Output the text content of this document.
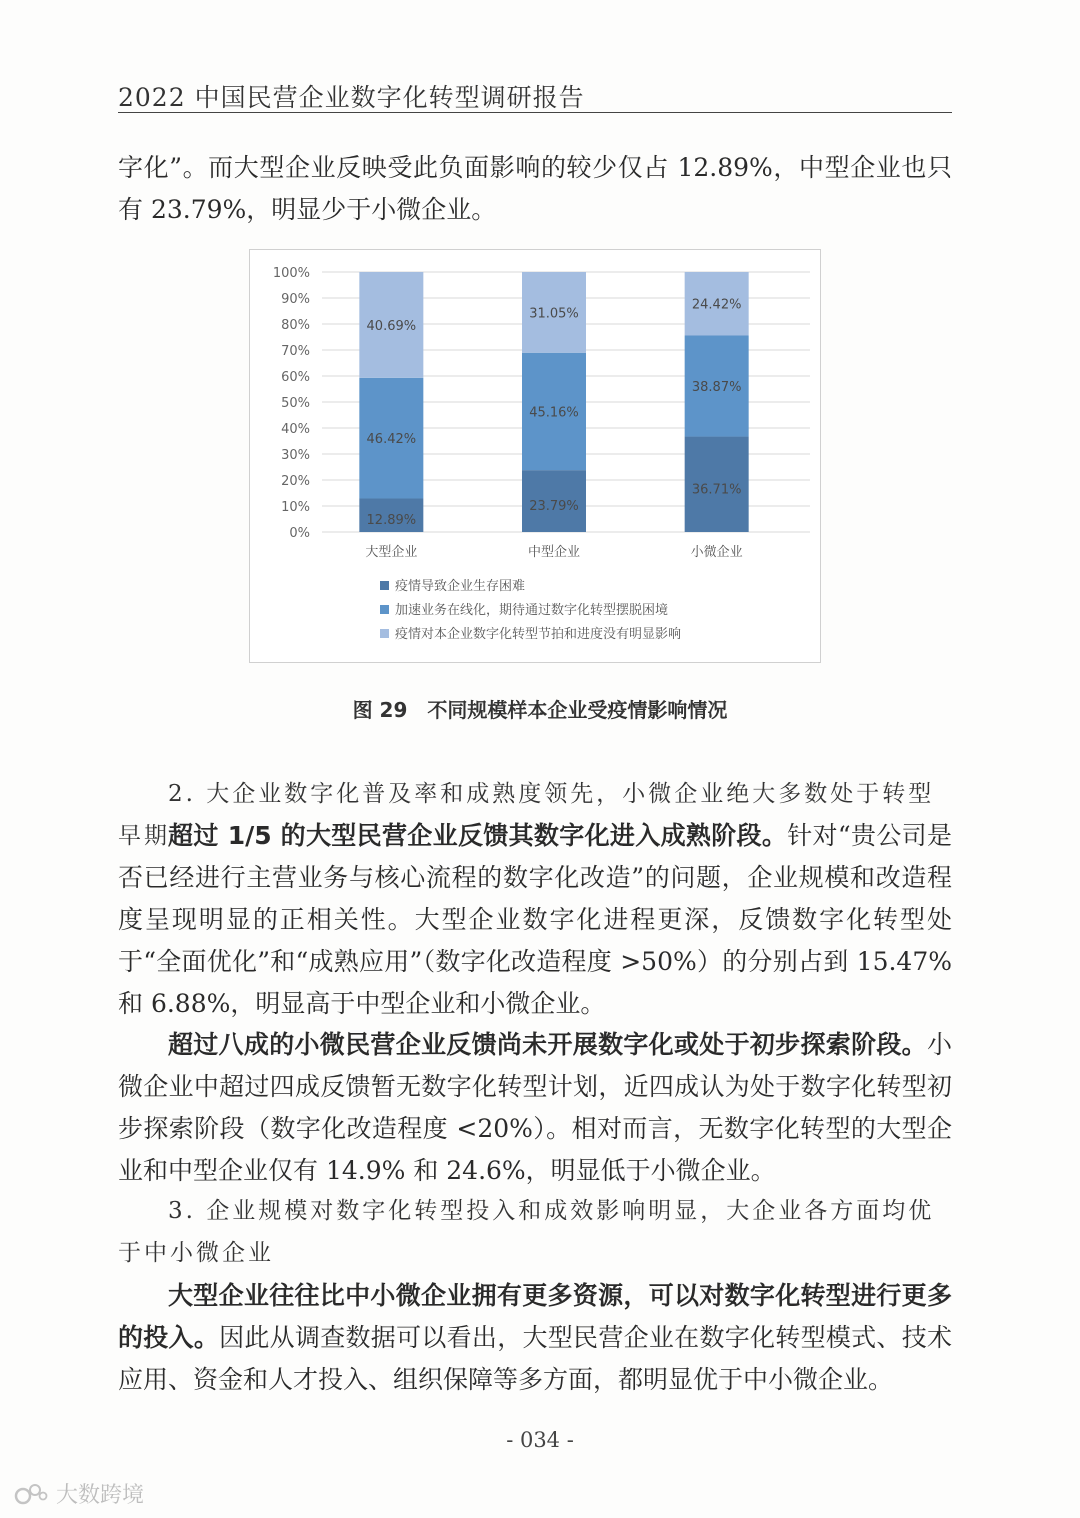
2022 中国民营企业数字化转型调研报告
字化”。而大型企业反映受此负面影响的较少仅占 12.89%，中型企业也只有 23.79%，明显少于小微企业。
0%
10%
20%
30%
40%
50%
60%
70%
80%
90%
100%
12.89%
46.42%
40.69%
大型企业
23.79%
45.16%
31.05%
中型企业
36.71%
38.87%
24.42%
小微企业
疫情导致企业生存困难
加速业务在线化，期待通过数字化转型摆脱困境
疫情对本企业数字化转型节拍和进度没有明显影响
图 29　不同规模样本企业受疫情影响情况
2. 大企业数字化普及率和成熟度领先，小微企业绝大多数处于转型早期
超过 1/5 的大型民营企业反馈其数字化进入成熟阶段。针对“贵公司是否已经进行主营业务与核心流程的数字化改造”的问题，企业规模和改造程度呈现明显的正相关性。大型企业数字化进程更深，反馈数字化转型处于“全面优化”和“成熟应用”（数字化改造程度 >50%）的分别占到 15.47% 和 6.88%，明显高于中型企业和小微企业。
超过八成的小微民营企业反馈尚未开展数字化或处于初步探索阶段。小微企业中超过四成反馈暂无数字化转型计划，近四成认为处于数字化转型初步探索阶段（数字化改造程度 <20%）。相对而言，无数字化转型的大型企业和中型企业仅有 14.9% 和 24.6%，明显低于小微企业。
3. 企业规模对数字化转型投入和成效影响明显，大企业各方面均优于中小微企业
大型企业往往比中小微企业拥有更多资源，可以对数字化转型进行更多的投入。因此从调查数据可以看出，大型民营企业在数字化转型模式、技术应用、资金和人才投入、组织保障等多方面，都明显优于中小微企业。
- 034 -
大数跨境
